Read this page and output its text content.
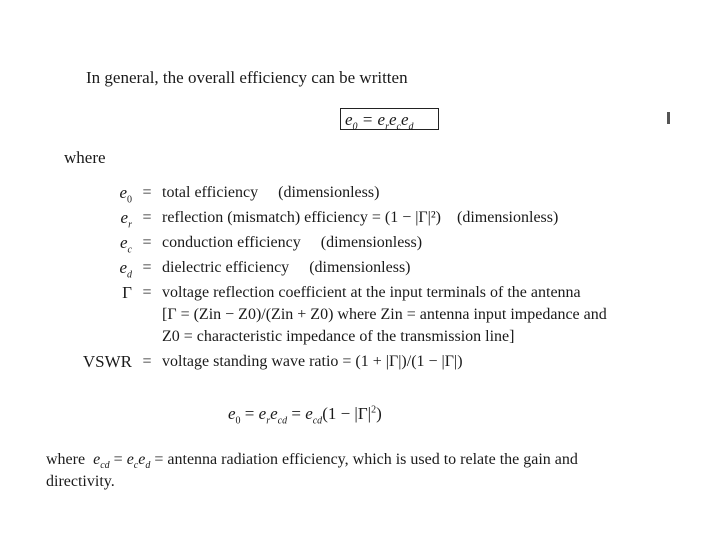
In general, the overall efficiency can be written
$e_0 = e_re_ce_d$
where
$e_0$ = total efficiency (dimensionless)
$e_r$ = reflection (mismatch) efficiency = (1 − |Γ|²) (dimensionless)
$e_c$ = conduction efficiency (dimensionless)
$e_d$ = dielectric efficiency (dimensionless)
Γ = voltage reflection coefficient at the input terminals of the antenna
[Γ = (Zin − Z0)/(Zin + Z0) where Zin = antenna input impedance and
Z0 = characteristic impedance of the transmission line]
VSWR = voltage standing wave ratio = (1 + |Γ|)/(1 − |Γ|)
$e_0 = e_re_{cd} = e_{cd}(1 - |\Gamma|^2)$
where $e_{cd} = e_ce_d$ = antenna radiation efficiency, which is used to relate the gain and
directivity.
